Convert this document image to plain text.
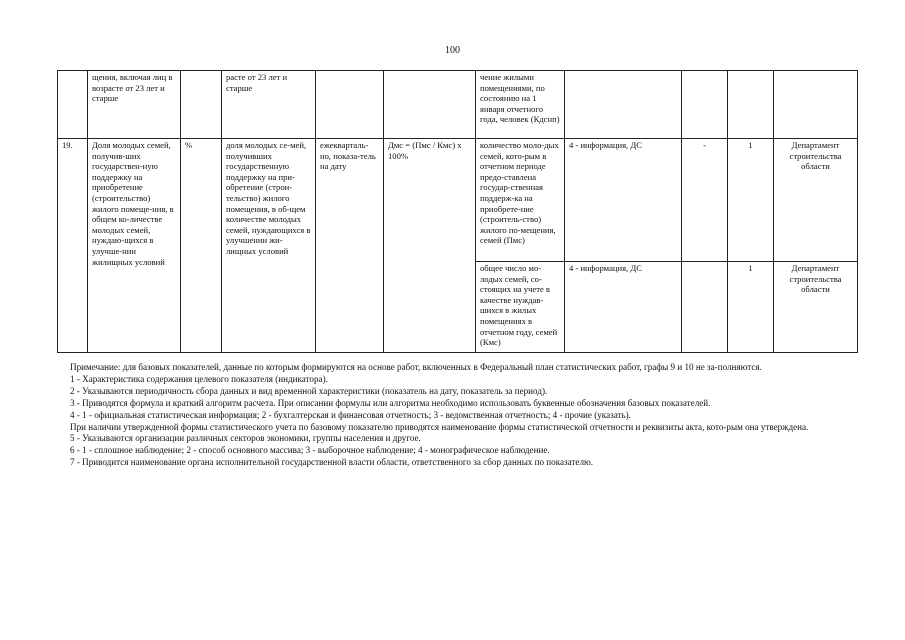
100
	щения, включая лиц в возрасте от 23 лет и старше		расте от 23 лет и старше			чение жилыми помещениями, по состоянию на 1 января отчетного года, человек (Кдснп)				
19.	Доля молодых семей, получив-ших государствен-ную поддержку на приобретение (строительство) жилого помеще-ния, в общем ко-личестве молодых семей, нуждаю-щихся в улучше-нии жилищных условий	%	доля молодых се-мей, получивших государственную поддержку на при-обретение (строи-тельство) жилого помещения, в об-щем количестве молодых семей, нуждающихся в улучшении жи-лищных условий	ежекварталь-но, показа-тель на дату	Дмс = (Пмс / Кмс) x 100%	количество моло-дых семей, кото-рым в отчетном периоде предо-ставлена государ-ственная поддерж-ка на приобрете-ние (строитель-ство) жилого по-мещения, семей (Пмс)	4 - информация, ДС	-	1	Департамент строительства области
						общее число мо-лодых семей, со-стоящих на учете в качестве нуждав-шихся в жилых помещениях в отчетном году, семей (Кмс)	4 - информация, ДС		1	Департамент строительства области

Примечание: для базовых показателей, данные по которым формируются на основе работ, включенных в Федеральный план статистических работ, графы 9 и 10 не за-полняются.

1 - Характеристика содержания целевого показателя (индикатора).

2 - Указываются периодичность сбора данных и вид временной характеристики (показатель на дату, показатель за период).

3 - Приводятся формула и краткий алгоритм расчета. При описании формулы или алгоритма необходимо использовать буквенные обозначения базовых показателей.

4 - 1 - официальная статистическая информация; 2 - бухгалтерская и финансовая отчетность; 3 - ведомственная отчетность; 4 - прочие (указать).

При наличии утвержденной формы статистического учета по базовому показателю приводятся наименование формы статистической отчетности и реквизиты акта, кото-рым она утверждена.

5 - Указываются организации различных секторов экономики, группы населения и другое.

6 - 1 - сплошное наблюдение; 2 - способ основного массива; 3 - выборочное наблюдение; 4 - монографическое наблюдение.

7 - Приводится наименование органа исполнительной государственной власти области, ответственного за сбор данных по показателю.
